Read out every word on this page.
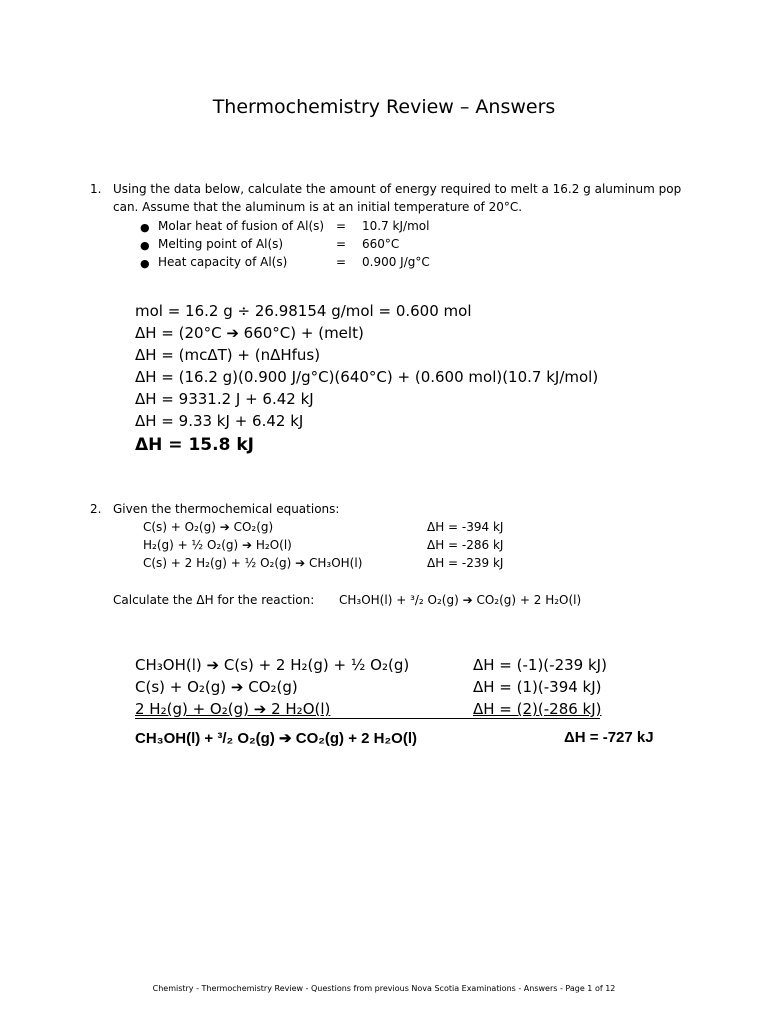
Thermochemistry Review – Answers
1. Using the data below, calculate the amount of energy required to melt a 16.2 g aluminum pop
can. Assume that the aluminum is at an initial temperature of 20°C.
● Molar heat of fusion of Al(s) = 10.7 kJ/mol
● Melting point of Al(s)	= 660°C
● Heat capacity of Al(s)	= 0.900 J/g°C
mol = 16.2 g ÷ 26.98154 g/mol = 0.600 mol
ΔH = (20°C ➔ 660°C) + (melt)
ΔH = (mcΔT) + (nΔHfus)
ΔH = (16.2 g)(0.900 J/g°C)(640°C) + (0.600 mol)(10.7 kJ/mol)
ΔH = 9331.2 J + 6.42 kJ
ΔH = 9.33 kJ + 6.42 kJ
ΔH = 15.8 kJ
2. Given the thermochemical equations:
C(s) + O₂(g) ➔ CO₂(g)	ΔH = -394 kJ
H₂(g) + ½ O₂(g) ➔ H₂O(l)	ΔH = -286 kJ
C(s) + 2 H₂(g) + ½ O₂(g) ➔ CH₃OH(l)	ΔH = -239 kJ
Calculate the ΔH for the reaction: CH₃OH(l) + ³/₂ O₂(g) ➔ CO₂(g) + 2 H₂O(l)
CH₃OH(l) ➔ C(s) + 2 H₂(g) + ½ O₂(g)	ΔH = (-1)(-239 kJ)
C(s) + O₂(g) ➔ CO₂(g)	ΔH = (1)(-394 kJ)
2 H₂(g) + O₂(g) ➔ 2 H₂O(l)	ΔH = (2)(-286 kJ)
CH₃OH(l) + ³/₂ O₂(g) ➔ CO₂(g) + 2 H₂O(l)	ΔH = -727 kJ
Chemistry - Thermochemistry Review - Questions from previous Nova Scotia Examinations - Answers - Page 1 of 12
